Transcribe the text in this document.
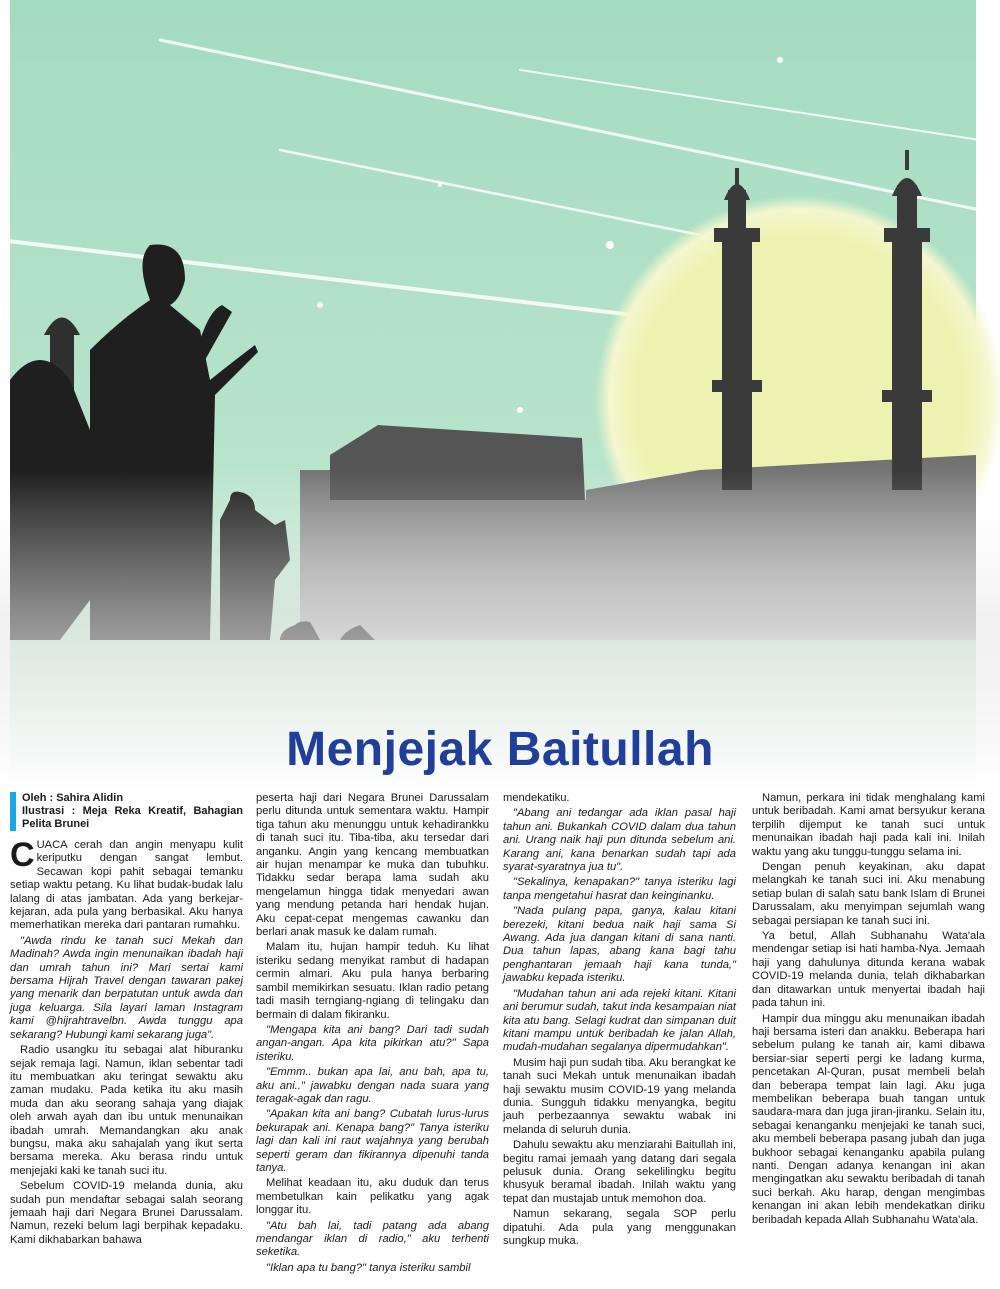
Menjejak Baitullah
Oleh : Sahira Alidin
Ilustrasi : Meja Reka Kreatif, Bahagian Pelita Brunei

CUACA cerah dan angin menyapu kulit keriputku dengan sangat lembut. Secawan kopi pahit sebagai temanku setiap waktu petang. Ku lihat budak-budak lalu lalang di atas jambatan. Ada yang berkejar-kejaran, ada pula yang berbasikal. Aku hanya memerhatikan mereka dari pantaran rumahku.

"Awda rindu ke tanah suci Mekah dan Madinah? Awda ingin menunaikan ibadah haji dan umrah tahun ini? Mari sertai kami bersama Hijrah Travel dengan tawaran pakej yang menarik dan berpatutan untuk awda dan juga keluarga. Sila layari laman Instagram kami @hijrahtravelbn. Awda tunggu apa sekarang? Hubungi kami sekarang juga".

Radio usangku itu sebagai alat hiburanku sejak remaja lagi. Namun, iklan sebentar tadi itu membuatkan aku teringat sewaktu aku zaman mudaku. Pada ketika itu aku masih muda dan aku seorang sahaja yang diajak oleh arwah ayah dan ibu untuk menunaikan ibadah umrah. Memandangkan aku anak bungsu, maka aku sahajalah yang ikut serta bersama mereka. Aku berasa rindu untuk menjejaki kaki ke tanah suci itu.

Sebelum COVID-19 melanda dunia, aku sudah pun mendaftar sebagai salah seorang jemaah haji dari Negara Brunei Darussalam. Namun, rezeki belum lagi berpihak kepadaku. Kami dikhabarkan bahawa

peserta haji dari Negara Brunei Darussalam perlu ditunda untuk sementara waktu. Hampir tiga tahun aku menunggu untuk kehadirankku di tanah suci itu. Tiba-tiba, aku tersedar dari anganku. Angin yang kencang membuatkan air hujan menampar ke muka dan tubuhku. Tidakku sedar berapa lama sudah aku mengelamun hingga tidak menyedari awan yang mendung petanda hari hendak hujan. Aku cepat-cepat mengemas cawanku dan berlari anak masuk ke dalam rumah.

Malam itu, hujan hampir teduh. Ku lihat isteriku sedang menyikat rambut di hadapan cermin almari. Aku pula hanya berbaring sambil memikirkan sesuatu. Iklan radio petang tadi masih terngiang-ngiang di telingaku dan bermain di dalam fikiranku.

"Mengapa kita ani bang? Dari tadi sudah angan-angan. Apa kita pikirkan atu?" Sapa isteriku.

"Emmm.. bukan apa lai, anu bah, apa tu, aku ani.." jawabku dengan nada suara yang teragak-agak dan ragu.

"Apakan kita ani bang? Cubatah lurus-lurus bekurapak ani. Kenapa bang?" Tanya isteriku lagi dan kali ini raut wajahnya yang berubah seperti geram dan fikirannya dipenuhi tanda tanya.

Melihat keadaan itu, aku duduk dan terus membetulkan kain pelikatku yang agak longgar itu.

"Atu bah lai, tadi patang ada abang mendangar iklan di radio," aku terhenti seketika.

"Iklan apa tu bang?" tanya isteriku sambil

mendekatiku.

"Abang ani tedangar ada iklan pasal haji tahun ani. Bukankah COVID dalam dua tahun ani. Urang naik haji pun ditunda sebelum ani. Karang ani, kana benarkan sudah tapi ada syarat-syaratnya jua tu".

"Sekalinya, kenapakan?" tanya isteriku lagi tanpa mengetahui hasrat dan keinginanku.

"Nada pulang papa, ganya, kalau kitani berezeki, kitani bedua naik haji sama Si Awang. Ada jua dangan kitani di sana nanti. Dua tahun lapas, abang kana bagi tahu penghantaran jemaah haji kana tunda," jawabku kepada isteriku.

"Mudahan tahun ani ada rejeki kitani. Kitani ani berumur sudah, takut inda kesampaian niat kita atu bang. Selagi kudrat dan simpanan duit kitani mampu untuk beribadah ke jalan Allah, mudah-mudahan segalanya dipermudahkan".

Musim haji pun sudah tiba. Aku berangkat ke tanah suci Mekah untuk menunaikan ibadah haji sewaktu musim COVID-19 yang melanda dunia. Sungguh tidakku menyangka, begitu jauh perbezaannya sewaktu wabak ini melanda di seluruh dunia.

Dahulu sewaktu aku menziarahi Baitullah ini, begitu ramai jemaah yang datang dari segala pelusuk dunia. Orang sekelilingku begitu khusyuk beramal ibadah. Inilah waktu yang tepat dan mustajab untuk memohon doa.

Namun sekarang, segala SOP perlu dipatuhi. Ada pula yang menggunakan sungkup muka.

Namun, perkara ini tidak menghalang kami untuk beribadah. Kami amat bersyukur kerana terpilih dijemput ke tanah suci untuk menunaikan ibadah haji pada kali ini. Inilah waktu yang aku tunggu-tunggu selama ini.

Dengan penuh keyakinan, aku dapat melangkah ke tanah suci ini. Aku menabung setiap bulan di salah satu bank Islam di Brunei Darussalam, aku menyimpan sejumlah wang sebagai persiapan ke tanah suci ini.

Ya betul, Allah Subhanahu Wata'ala mendengar setiap isi hati hamba-Nya. Jemaah haji yang dahulunya ditunda kerana wabak COVID-19 melanda dunia, telah dikhabarkan dan ditawarkan untuk menyertai ibadah haji pada tahun ini.

Hampir dua minggu aku menunaikan ibadah haji bersama isteri dan anakku. Beberapa hari sebelum pulang ke tanah air, kami dibawa bersiar-siar seperti pergi ke ladang kurma, pencetakan Al-Quran, pusat membeli belah dan beberapa tempat lain lagi. Aku juga membelikan beberapa buah tangan untuk saudara-mara dan juga jiran-jiranku. Selain itu, sebagai kenanganku menjejaki ke tanah suci, aku membeli beberapa pasang jubah dan juga bukhoor sebagai kenanganku apabila pulang nanti. Dengan adanya kenangan ini akan mengingatkan aku sewaktu beribadah di tanah suci berkah. Aku harap, dengan mengimbas kenangan ini akan lebih mendekatkan diriku beribadah kepada Allah Subhanahu Wata'ala.
